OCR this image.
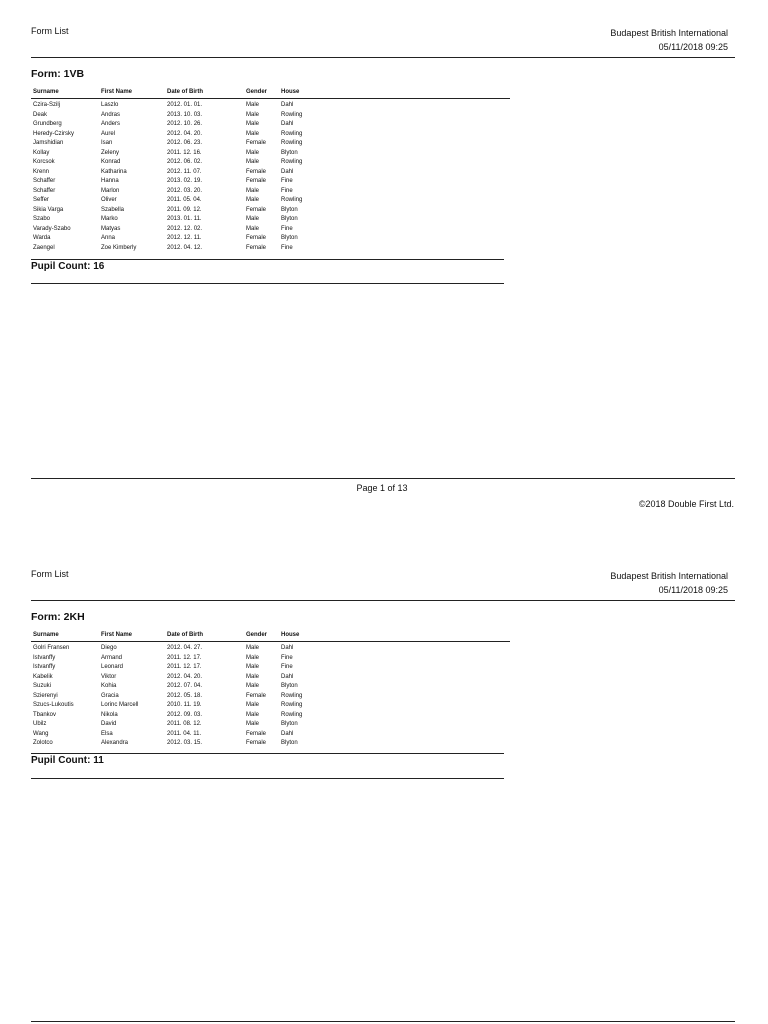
Form List	Budapest British International
05/11/2018 09:25
Form: 1VB
Surname	First Name	Date of Birth	Gender House
Czira-Szilj	Laszlo	2012. 01. 01.	Male	Dahl
Deak	Andras	2013. 10. 03.	Male	Rowling
Grundberg	Anders	2012. 10. 26.	Male	Dahl
Heredy-Czirsky	Aurel	2012. 04. 20.	Male	Rowling
Jamshidian	Isan	2012. 06. 23.	Female Rowling
Kollay	Zeleny	2011. 12. 16.	Male	Blyton
Korcsok	Konrad	2012. 06. 02.	Male	Rowling
Krenn	Katharina	2012. 11. 07.	Female Dahl
Schaffer	Hanna	2013. 02. 19.	Female Fine
Schaffer	Marlon	2012. 03. 20.	Male	Fine
Seffer	Oliver	2011. 05. 04.	Male	Rowling
Sikia Varga	Szabella	2011. 09. 12.	Female Blyton
Szabo	Marko	2013. 01. 11.	Male	Blyton
Varady-Szabo	Matyas	2012. 12. 02.	Male	Fine
Warda	Anna	2012. 12. 11.	Female Blyton
Zaengel	Zoe Kimberly	2012. 04. 12.	Female Fine
Pupil Count: 16
Page 1 of 13
©2018 Double First Ltd.
Form List	Budapest British International
05/11/2018 09:25
Form: 2KH
Surname	First Name	Date of Birth	Gender House
Golri Fransen	Diego	2012. 04. 27.	Male	Dahl
Istvanffy	Armand	2011. 12. 17.	Male	Fine
Istvanffy	Leonard	2011. 12. 17.	Male	Fine
Kabelik	Viktor	2012. 04. 20.	Male	Dahl
Suzuki	Kohia	2012. 07. 04.	Male	Blyton
Szierenyi	Gracia	2012. 05. 18.	Female Rowling
Szucs-Lukoutis	Lorinc Marcell	2010. 11. 19.	Male	Rowling
Tbankov	Nikola	2012. 09. 03.	Male	Rowling
Ubilz	David	2011. 08. 12.	Male	Blyton
Wang	Elsa	2011. 04. 11.	Female Dahl
Zolotco	Alexandra	2012. 03. 15.	Female Blyton
Pupil Count: 11
